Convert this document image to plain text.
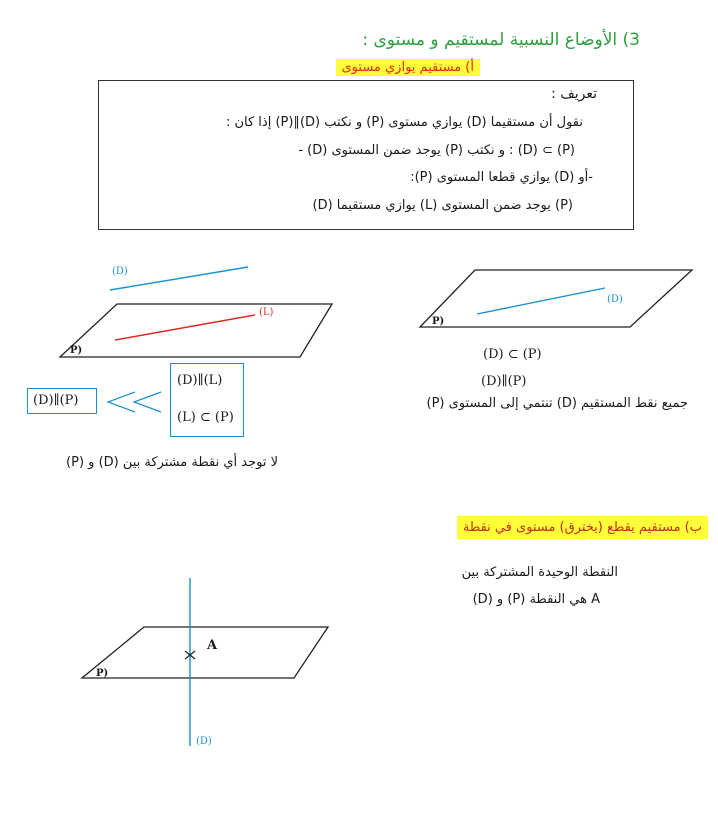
3) الأوضاع النسبية لمستقيم و مستوى :
أ) مستقيم يوازي مستوى
تعريف :
نقول أن مستقيما (D) يوازي مستوى (P) و نكتب (D)∥(P) إذا كان :
- (D) يوجد ضمن المستوى (P) و نكتب : (D) ⊂ (P)
-أو (D) يوازي قطعا المستوى (P):
(D) يوازي مستقيما (L) يوجد ضمن المستوى (P)
(D)
(L)
P)
(D)∥(L)
(L) ⊂ (P)
(D)∥(P)
لا توجد أي نقطة مشتركة بين (D) و (P)
(D)
P)
(D) ⊂ (P)
(D)∥(P)
جميع نقط المستقيم (D) تنتمي إلى المستوى (P)
ب) مستقيم يقطع (يخترق) مستوى في نقطة
النقطة الوحيدة المشتركة بين
(D) و (P) هي النقطة A
A
P)
(D)
